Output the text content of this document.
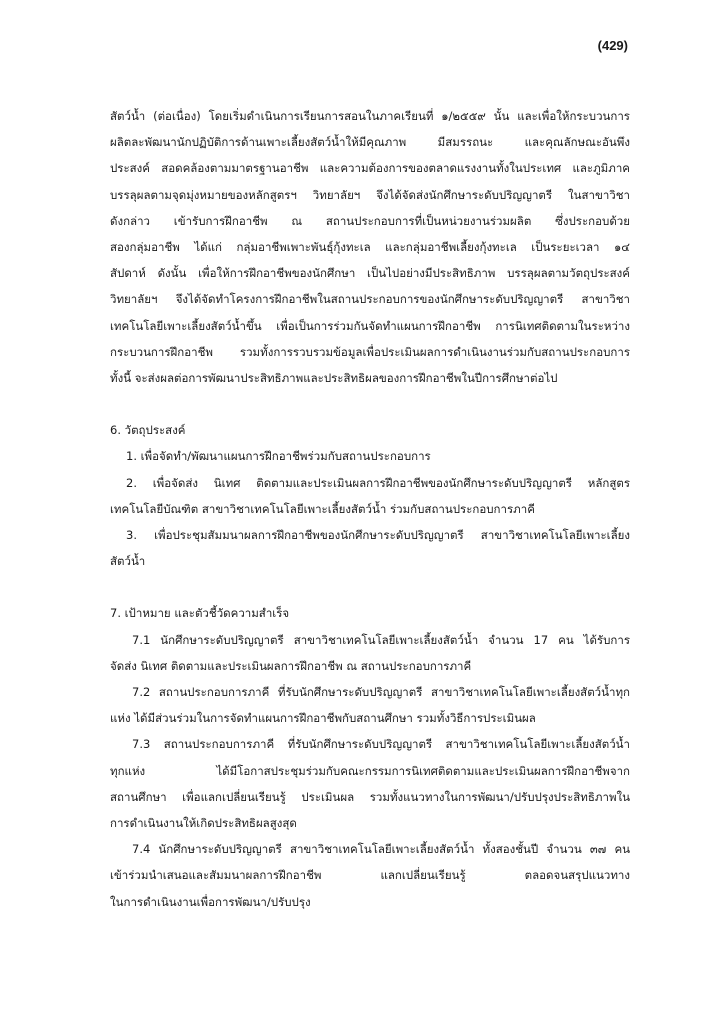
(429)
สัตว์น้ำ (ต่อเนื่อง) โดยเริ่มดำเนินการเรียนการสอนในภาคเรียนที่ ๑/๒๕๕๙ นั้น และเพื่อให้กระบวนการ
ผลิตละพัฒนานักปฏิบัติการด้านเพาะเลี้ยงสัตว์น้ำให้มีคุณภาพ มีสมรรถนะ และคุณลักษณะอันพึง
ประสงค์ สอดคล้องตามมาตรฐานอาชีพ และความต้องการของตลาดแรงงานทั้งในประเทศ และภูมิภาค
บรรลุผลตามจุดมุ่งหมายของหลักสูตรฯ วิทยาลัยฯ จึงได้จัดส่งนักศึกษาระดับปริญญาตรี ในสาขาวิชา
ดังกล่าว เข้ารับการฝึกอาชีพ ณ สถานประกอบการที่เป็นหน่วยงานร่วมผลิต ซึ่งประกอบด้วย
สองกลุ่มอาชีพ ได้แก่ กลุ่มอาชีพเพาะพันธุ์กุ้งทะเล และกลุ่มอาชีพเลี้ยงกุ้งทะเล เป็นระยะเวลา ๑๔
สัปดาห์ ดังนั้น เพื่อให้การฝึกอาชีพของนักศึกษา เป็นไปอย่างมีประสิทธิภาพ บรรลุผลตามวัตถุประสงค์
วิทยาลัยฯ จึงได้จัดทำโครงการฝึกอาชีพในสถานประกอบการของนักศึกษาระดับปริญญาตรี สาขาวิชา
เทคโนโลยีเพาะเลี้ยงสัตว์น้ำขึ้น เพื่อเป็นการร่วมกันจัดทำแผนการฝึกอาชีพ การนิเทศติดตามในระหว่าง
กระบวนการฝึกอาชีพ รวมทั้งการรวบรวมข้อมูลเพื่อประเมินผลการดำเนินงานร่วมกับสถานประกอบการ
ทั้งนี้ จะส่งผลต่อการพัฒนาประสิทธิภาพและประสิทธิผลของการฝึกอาชีพในปีการศึกษาต่อไป
6. วัตถุประสงค์
1. เพื่อจัดทำ/พัฒนาแผนการฝึกอาชีพร่วมกับสถานประกอบการ
2. เพื่อจัดส่ง นิเทศ ติดตามและประเมินผลการฝึกอาชีพของนักศึกษาระดับปริญญาตรี หลักสูตร
เทคโนโลยีบัณฑิต สาขาวิชาเทคโนโลยีเพาะเลี้ยงสัตว์น้ำ ร่วมกับสถานประกอบการภาคี
3. เพื่อประชุมสัมมนาผลการฝึกอาชีพของนักศึกษาระดับปริญญาตรี สาขาวิชาเทคโนโลยีเพาะเลี้ยง
สัตว์น้ำ
7. เป้าหมาย และตัวชี้วัดความสำเร็จ
7.1 นักศึกษาระดับปริญญาตรี สาขาวิชาเทคโนโลยีเพาะเลี้ยงสัตว์น้ำ จำนวน 17 คน ได้รับการ
จัดส่ง นิเทศ ติดตามและประเมินผลการฝึกอาชีพ ณ สถานประกอบการภาคี
7.2 สถานประกอบการภาคี ที่รับนักศึกษาระดับปริญญาตรี สาขาวิชาเทคโนโลยีเพาะเลี้ยงสัตว์น้ำทุก
แห่ง ได้มีส่วนร่วมในการจัดทำแผนการฝึกอาชีพกับสถานศึกษา รวมทั้งวิธีการประเมินผล
7.3 สถานประกอบการภาคี ที่รับนักศึกษาระดับปริญญาตรี สาขาวิชาเทคโนโลยีเพาะเลี้ยงสัตว์น้ำ
ทุกแห่ง ได้มีโอกาสประชุมร่วมกับคณะกรรมการนิเทศติดตามและประเมินผลการฝึกอาชีพจาก
สถานศึกษา เพื่อแลกเปลี่ยนเรียนรู้ ประเมินผล รวมทั้งแนวทางในการพัฒนา/ปรับปรุงประสิทธิภาพใน
การดำเนินงานให้เกิดประสิทธิผลสูงสุด
7.4 นักศึกษาระดับปริญญาตรี สาขาวิชาเทคโนโลยีเพาะเลี้ยงสัตว์น้ำ ทั้งสองชั้นปี จำนวน ๓๗ คน
เข้าร่วมนำเสนอและสัมมนาผลการฝึกอาชีพ แลกเปลี่ยนเรียนรู้ ตลอดจนสรุปแนวทาง
ในการดำเนินงานเพื่อการพัฒนา/ปรับปรุง
